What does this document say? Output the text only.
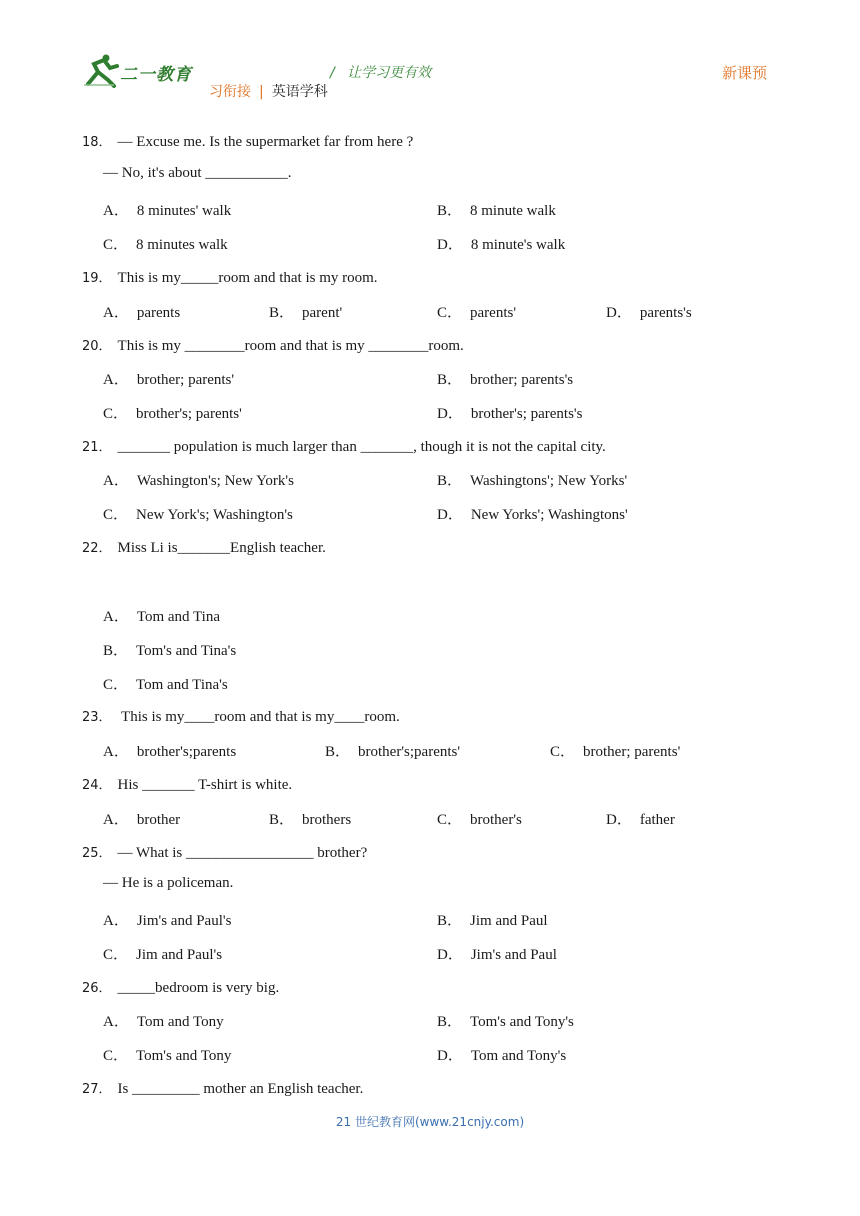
二一教育	/ 让学习更有效
习衔接 | 英语学科
新课预
18． — Excuse me. Is the supermarket far from here ?
— No, it's about ___________.
A． 8 minutes' walk	B． 8 minute walk
C． 8 minutes walk	D． 8 minute's walk
19． This is my_____room and that is my room.
A． parents	B． parent'	C． parents'	D． parents's
20． This is my ________room and that is my ________room.
A． brother; parents'	B． brother; parents's
C． brother's; parents'	D． brother's; parents's
21． _______ population is much larger than _______, though it is not the capital city.
A． Washington's; New York's	B． Washingtons'; New Yorks'
C． New York's; Washington's	D． New Yorks'; Washingtons'
22． Miss Li is_______English teacher.
A． Tom and Tina
B． Tom's and Tina's
C． Tom and Tina's
23． This is my____room and that is my____room.
A． brother's;parents	B． brother's;parents'	C． brother; parents'
24． His _______ T-shirt is white.
A． brother	B． brothers	C． brother's	D． father
25． — What is _________________ brother?
— He is a policeman.
A． Jim's and Paul's	B． Jim and Paul
C． Jim and Paul's	D． Jim's and Paul
26． _____bedroom is very big.
A． Tom and Tony	B． Tom's and Tony's
C． Tom's and Tony	D． Tom and Tony's
27． Is _________ mother an English teacher.
21 世纪教育网(www.21cnjy.com)
